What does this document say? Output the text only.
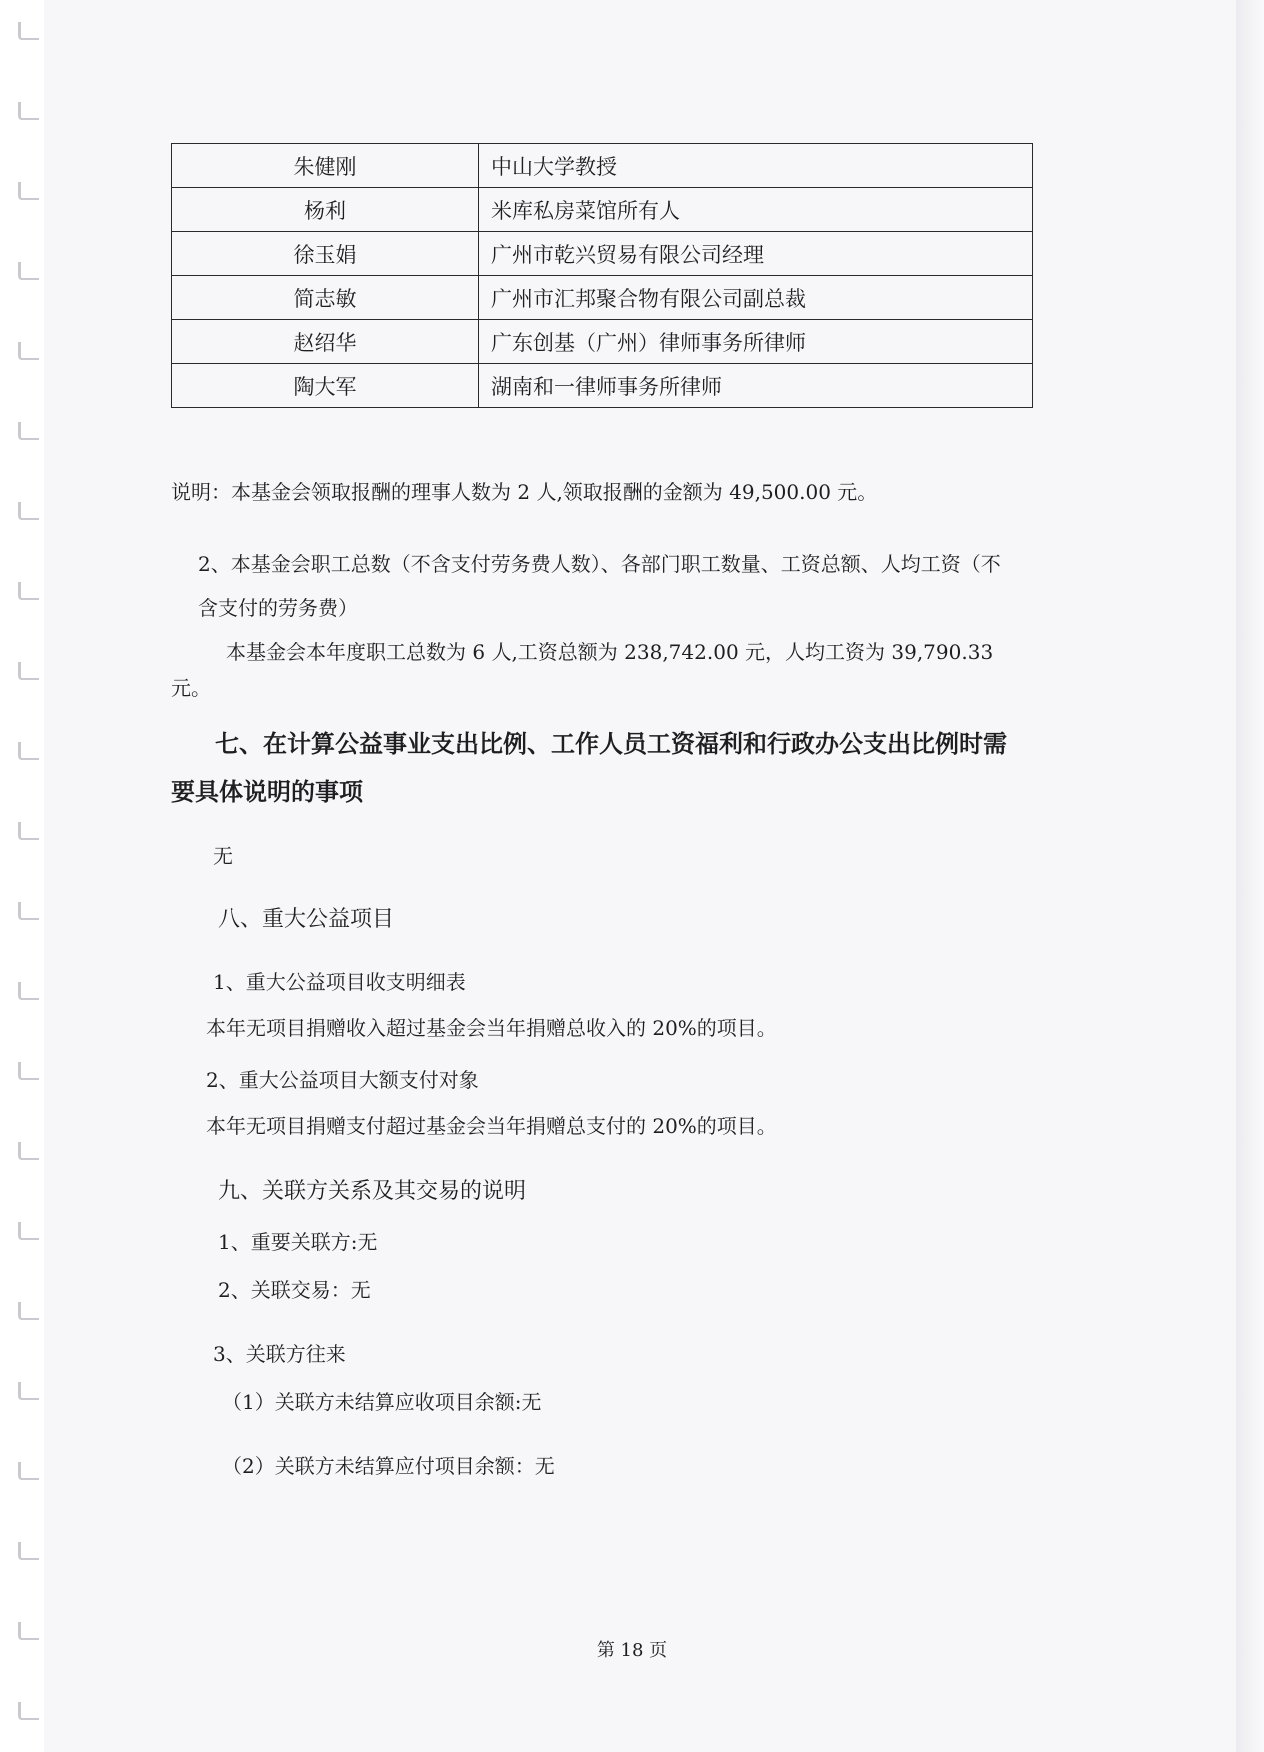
朱健刚	中山大学教授
杨利	米库私房菜馆所有人
徐玉娟	广州市乾兴贸易有限公司经理
简志敏	广州市汇邦聚合物有限公司副总裁
赵绍华	广东创基（广州）律师事务所律师
陶大军	湖南和一律师事务所律师
说明：本基金会领取报酬的理事人数为 2 人,领取报酬的金额为 49,500.00 元。
2、本基金会职工总数（不含支付劳务费人数）、各部门职工数量、工资总额、人均工资（不
含支付的劳务费）
本基金会本年度职工总数为 6 人,工资总额为 238,742.00 元，人均工资为 39,790.33
元。
七、在计算公益事业支出比例、工作人员工资福利和行政办公支出比例时需
要具体说明的事项
无
八、重大公益项目
1、重大公益项目收支明细表
本年无项目捐赠收入超过基金会当年捐赠总收入的 20%的项目。
2、重大公益项目大额支付对象
本年无项目捐赠支付超过基金会当年捐赠总支付的 20%的项目。
九、关联方关系及其交易的说明
1、重要关联方:无
2、关联交易：无
3、关联方往来
（1）关联方未结算应收项目余额:无
（2）关联方未结算应付项目余额：无
第 18 页
